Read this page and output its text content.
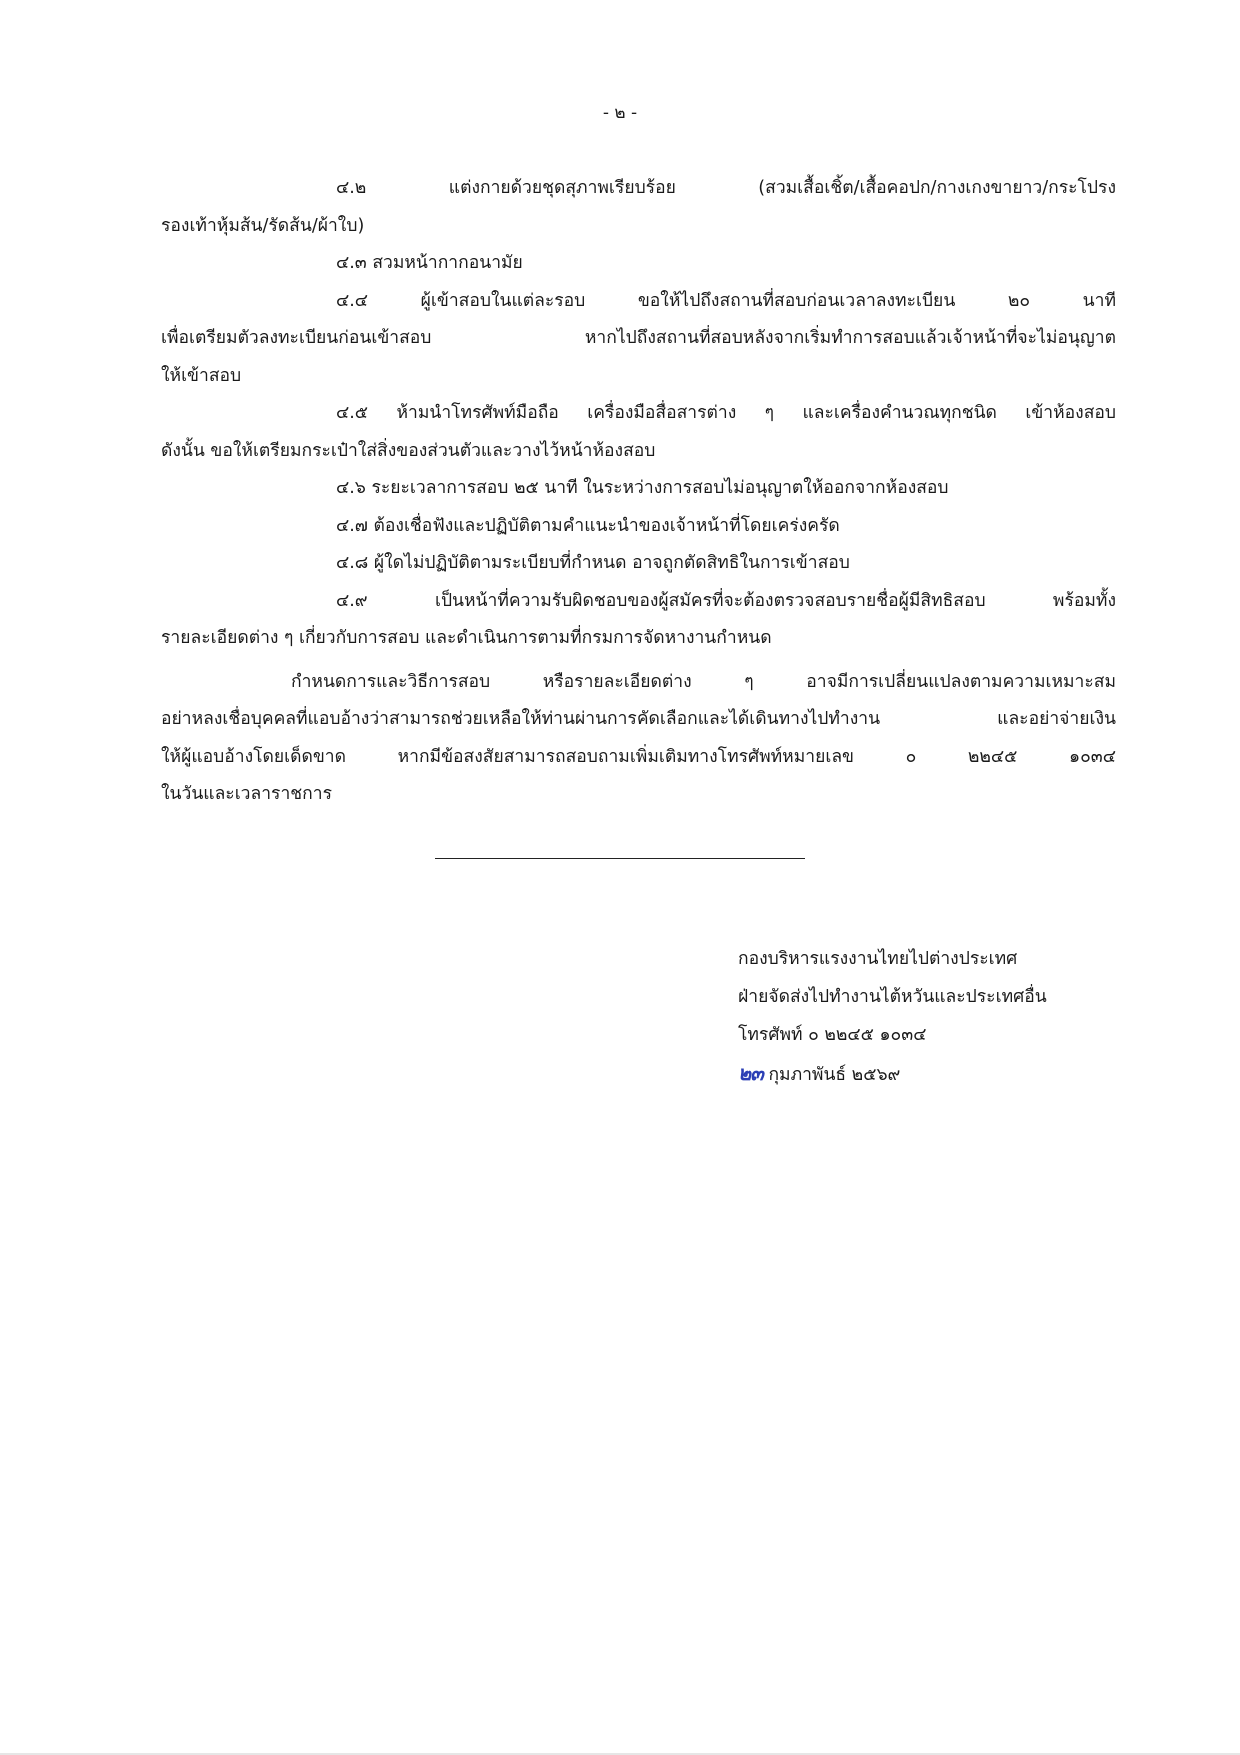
- ๒ -

๔.๒ แต่งกายด้วยชุดสุภาพเรียบร้อย (สวมเสื้อเชิ้ต/เสื้อคอปก/กางเกงขายาว/กระโปรง
รองเท้าหุ้มส้น/รัดส้น/ผ้าใบ)

๔.๓ สวมหน้ากากอนามัย

๔.๔ ผู้เข้าสอบในแต่ละรอบ ขอให้ไปถึงสถานที่สอบก่อนเวลาลงทะเบียน ๒๐ นาที
เพื่อเตรียมตัวลงทะเบียนก่อนเข้าสอบ หากไปถึงสถานที่สอบหลังจากเริ่มทำการสอบแล้วเจ้าหน้าที่จะไม่อนุญาต
ให้เข้าสอบ

๔.๕ ห้ามนำโทรศัพท์มือถือ เครื่องมือสื่อสารต่าง ๆ และเครื่องคำนวณทุกชนิด เข้าห้องสอบ
ดังนั้น ขอให้เตรียมกระเป๋าใส่สิ่งของส่วนตัวและวางไว้หน้าห้องสอบ

๔.๖ ระยะเวลาการสอบ ๒๕ นาที ในระหว่างการสอบไม่อนุญาตให้ออกจากห้องสอบ

๔.๗ ต้องเชื่อฟังและปฏิบัติตามคำแนะนำของเจ้าหน้าที่โดยเคร่งครัด

๔.๘ ผู้ใดไม่ปฏิบัติตามระเบียบที่กำหนด อาจถูกตัดสิทธิในการเข้าสอบ

๔.๙ เป็นหน้าที่ความรับผิดชอบของผู้สมัครที่จะต้องตรวจสอบรายชื่อผู้มีสิทธิสอบ พร้อมทั้ง
รายละเอียดต่าง ๆ เกี่ยวกับการสอบ และดำเนินการตามที่กรมการจัดหางานกำหนด

กำหนดการและวิธีการสอบ หรือรายละเอียดต่าง ๆ อาจมีการเปลี่ยนแปลงตามความเหมาะสม
อย่าหลงเชื่อบุคคลที่แอบอ้างว่าสามารถช่วยเหลือให้ท่านผ่านการคัดเลือกและได้เดินทางไปทำงาน และอย่าจ่ายเงิน
ให้ผู้แอบอ้างโดยเด็ดขาด หากมีข้อสงสัยสามารถสอบถามเพิ่มเติมทางโทรศัพท์หมายเลข ๐ ๒๒๔๕ ๑๐๓๔
ในวันและเวลาราชการ

กองบริหารแรงงานไทยไปต่างประเทศ
ฝ่ายจัดส่งไปทำงานไต้หวันและประเทศอื่น
โทรศัพท์ ๐ ๒๒๔๕ ๑๐๓๔
๒๓ กุมภาพันธ์ ๒๕๖๙
